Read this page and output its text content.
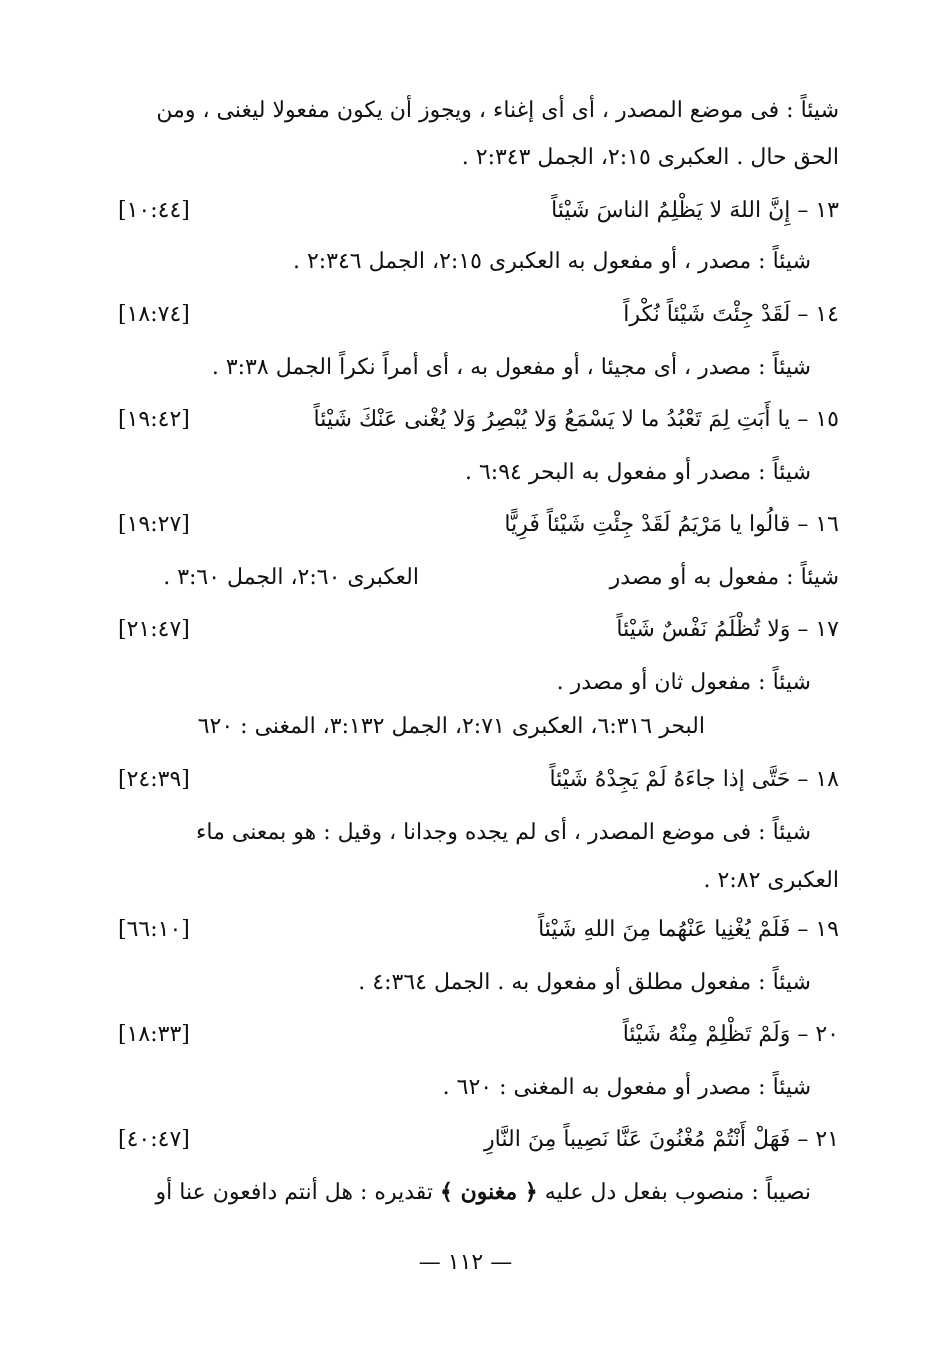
شيئاً : فى موضع المصدر ، أى أى إغناء ، ويجوز أن يكون مفعولا ليغنى ، ومن
الحق حال . العكبرى ٢:١٥، الجمل ٢:٣٤٣ .
١٣ – إِنَّ اللهَ لا يَظْلِمُ الناسَ شَيْئاً
[١٠:٤٤]
شيئاً : مصدر ، أو مفعول به العكبرى ٢:١٥، الجمل ٢:٣٤٦ .
١٤ – لَقَدْ جِئْتَ شَيْئاً نُكْراً
[١٨:٧٤]
شيئاً : مصدر ، أى مجيئا ، أو مفعول به ، أى أمراً نكراً الجمل ٣:٣٨ .
١٥ – يا أَبَتِ لِمَ تَعْبُدُ ما لا يَسْمَعُ وَلا يُبْصِرُ وَلا يُغْنى عَنْكَ شَيْئاً
[١٩:٤٢]
شيئاً : مصدر أو مفعول به البحر ٦:٩٤ .
١٦ – قالُوا يا مَرْيَمُ لَقَدْ جِئْتِ شَيْئاً فَرِيًّا
[١٩:٢٧]
شيئاً : مفعول به أو مصدر
العكبرى ٢:٦٠، الجمل ٣:٦٠ .
١٧ – وَلا تُظْلَمُ نَفْسٌ شَيْئاً
[٢١:٤٧]
شيئاً : مفعول ثان أو مصدر .
البحر ٦:٣١٦، العكبرى ٢:٧١، الجمل ٣:١٣٢، المغنى : ٦٢٠
١٨ – حَتَّى إذا جاءَهُ لَمْ يَجِدْهُ شَيْئاً
[٢٤:٣٩]
شيئاً : فى موضع المصدر ، أى لم يجده وجدانا ، وقيل : هو بمعنى ماء
العكبرى ٢:٨٢ .
١٩ – فَلَمْ يُغْنِيا عَنْهُما مِنَ اللهِ شَيْئاً
[٦٦:١٠]
شيئاً : مفعول مطلق أو مفعول به . الجمل ٤:٣٦٤ .
٢٠ – وَلَمْ تَظْلِمْ مِنْهُ شَيْئاً
[١٨:٣٣]
شيئاً : مصدر أو مفعول به المغنى : ٦٢٠ .
٢١ – فَهَلْ أَنْتُمْ مُغْنُونَ عَنَّا نَصِيباً مِنَ النَّارِ
[٤٠:٤٧]
نصيباً : منصوب بفعل دل عليه ﴿ مغنون ﴾ تقديره : هل أنتم دافعون عنا أو
— ١١٢ —
